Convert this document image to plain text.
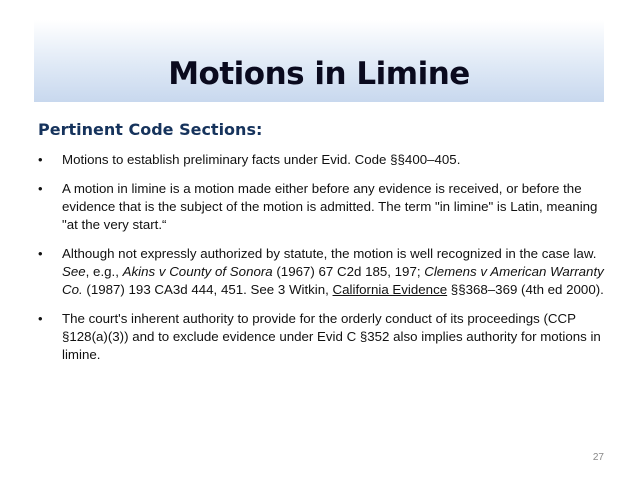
Motions in Limine
Pertinent Code Sections:
• Motions to establish preliminary facts under Evid. Code §§400–405.
• A motion in limine is a motion made either before any evidence is received, or before the evidence that is the subject of the motion is admitted. The term "in limine" is Latin, meaning "at the very start.“
• Although not expressly authorized by statute, the motion is well recognized in the case law. See, e.g., Akins v County of Sonora (1967) 67 C2d 185, 197; Clemens v American Warranty Co. (1987) 193 CA3d 444, 451. See 3 Witkin, California Evidence §§368–369 (4th ed 2000).
• The court's inherent authority to provide for the orderly conduct of its proceedings (CCP §128(a)(3)) and to exclude evidence under Evid C §352 also implies authority for motions in limine.
27
